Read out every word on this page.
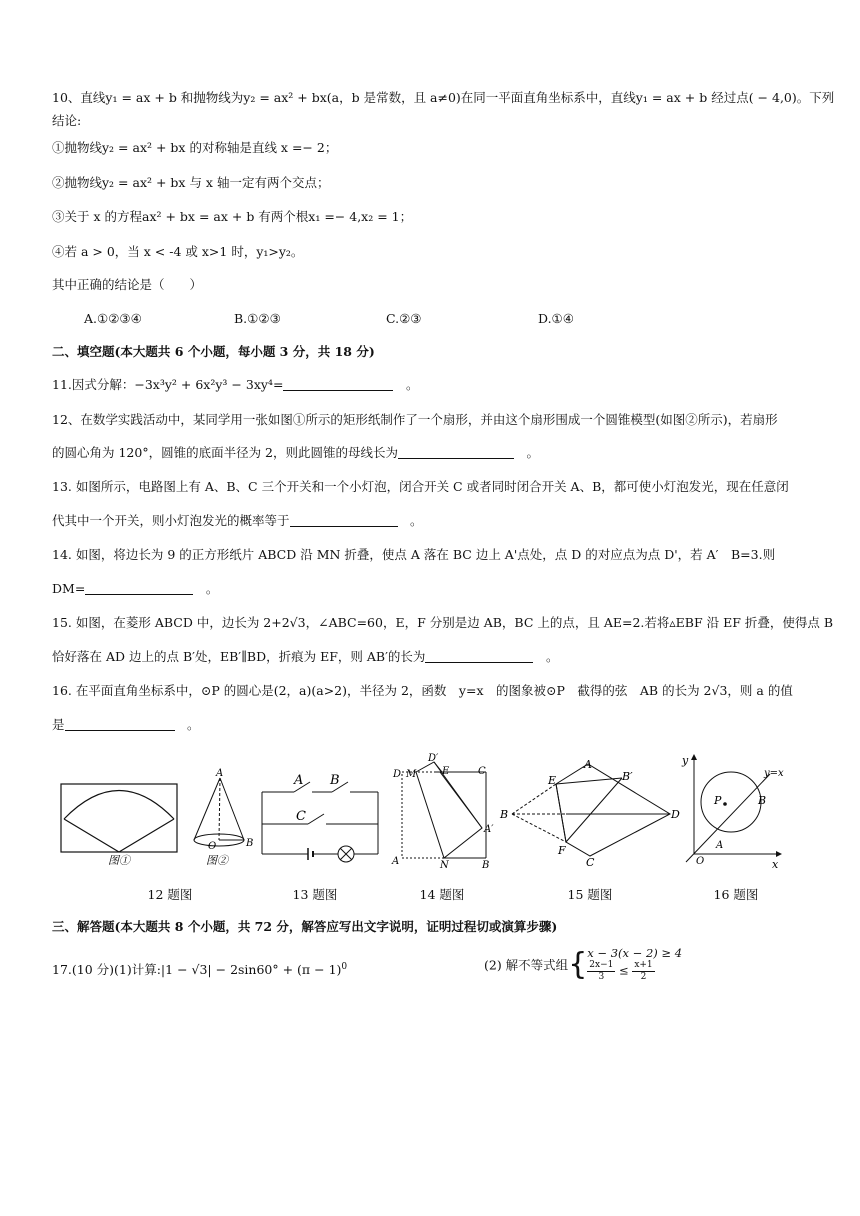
10、直线y₁ = ax + b 和抛物线为y₂ = ax² + bx(a，b 是常数，且 a≠0)在同一平面直角坐标系中，直线y₁ = ax + b 经过点( − 4,0)。下列
结论:
①抛物线y₂ = ax² + bx 的对称轴是直线 x =− 2；
②抛物线y₂ = ax² + bx 与 x 轴一定有两个交点；
③关于 x 的方程ax² + bx = ax + b 有两个根x₁ =− 4,x₂ = 1；
④若 a > 0，当 x < -4 或 x>1 时，y₁>y₂。
其中正确的结论是（　　）
A.①②③④	B.①②③	C.②③	D.①④
二、填空题(本大题共 6 个小题，每小题 3 分，共 18 分)
11.因式分解：−3x³y² + 6x²y³ − 3xy⁴=　	。
12、在数学实践活动中，某同学用一张如图①所示的矩形纸制作了一个扇形，并由这个扇形围成一个圆锥模型(如图②所示)，若扇形
的圆心角为 120°，圆锥的底面半径为 2，则此圆锥的母线长为　	。
13. 如图所示，电路图上有 A、B、C 三个开关和一个小灯泡，闭合开关 C 或者同时闭合开关 A、B，都可使小灯泡发光，现在任意闭
代其中一个开关，则小灯泡发光的概率等于　	。
14. 如图，将边长为 9 的正方形纸片 ABCD 沿 MN 折叠，使点 A 落在 BC 边上 A'点处，点 D 的对应点为点 D'，若 A′　B=3.则
DM=　	。
15. 如图，在菱形 ABCD 中，边长为 2+2√3，∠ABC=60，E，F 分别是边 AB，BC 上的点，且 AE=2.若将▵EBF 沿 EF 折叠，使得点 B
恰好落在 AD 边上的点 B′处，EB′∥BD，折痕为 EF，则 AB′的长为　	。
16. 在平面直角坐标系中，⊙P 的圆心是(2，a)(a>2)，半径为 2，函数　y=x　的图象被⊙P　截得的弦　AB 的长为 2√3，则 a 的值
是　	。
图①
A
O	B
图②
A B
C
D M
D′
E	C
A′
A	N	B
E
A
B′
B	D
F
C
y
x
y=x
P	B
A
O
12 题图	13 题图	14 题图	15 题图	16 题图
三、解答题(本大题共 8 个小题，共 72 分，解答应写出文字说明，证明过程切或演算步骤)
17.(10 分)(1)计算:|1 − $√3| - 2\sin 60^\circ + (\pi - 1)^0$	(2) 解不等式组{ x − 3(x − 2) ≥ 4
$\frac{2x-1}{3} \le \frac{x+1}{2}$
